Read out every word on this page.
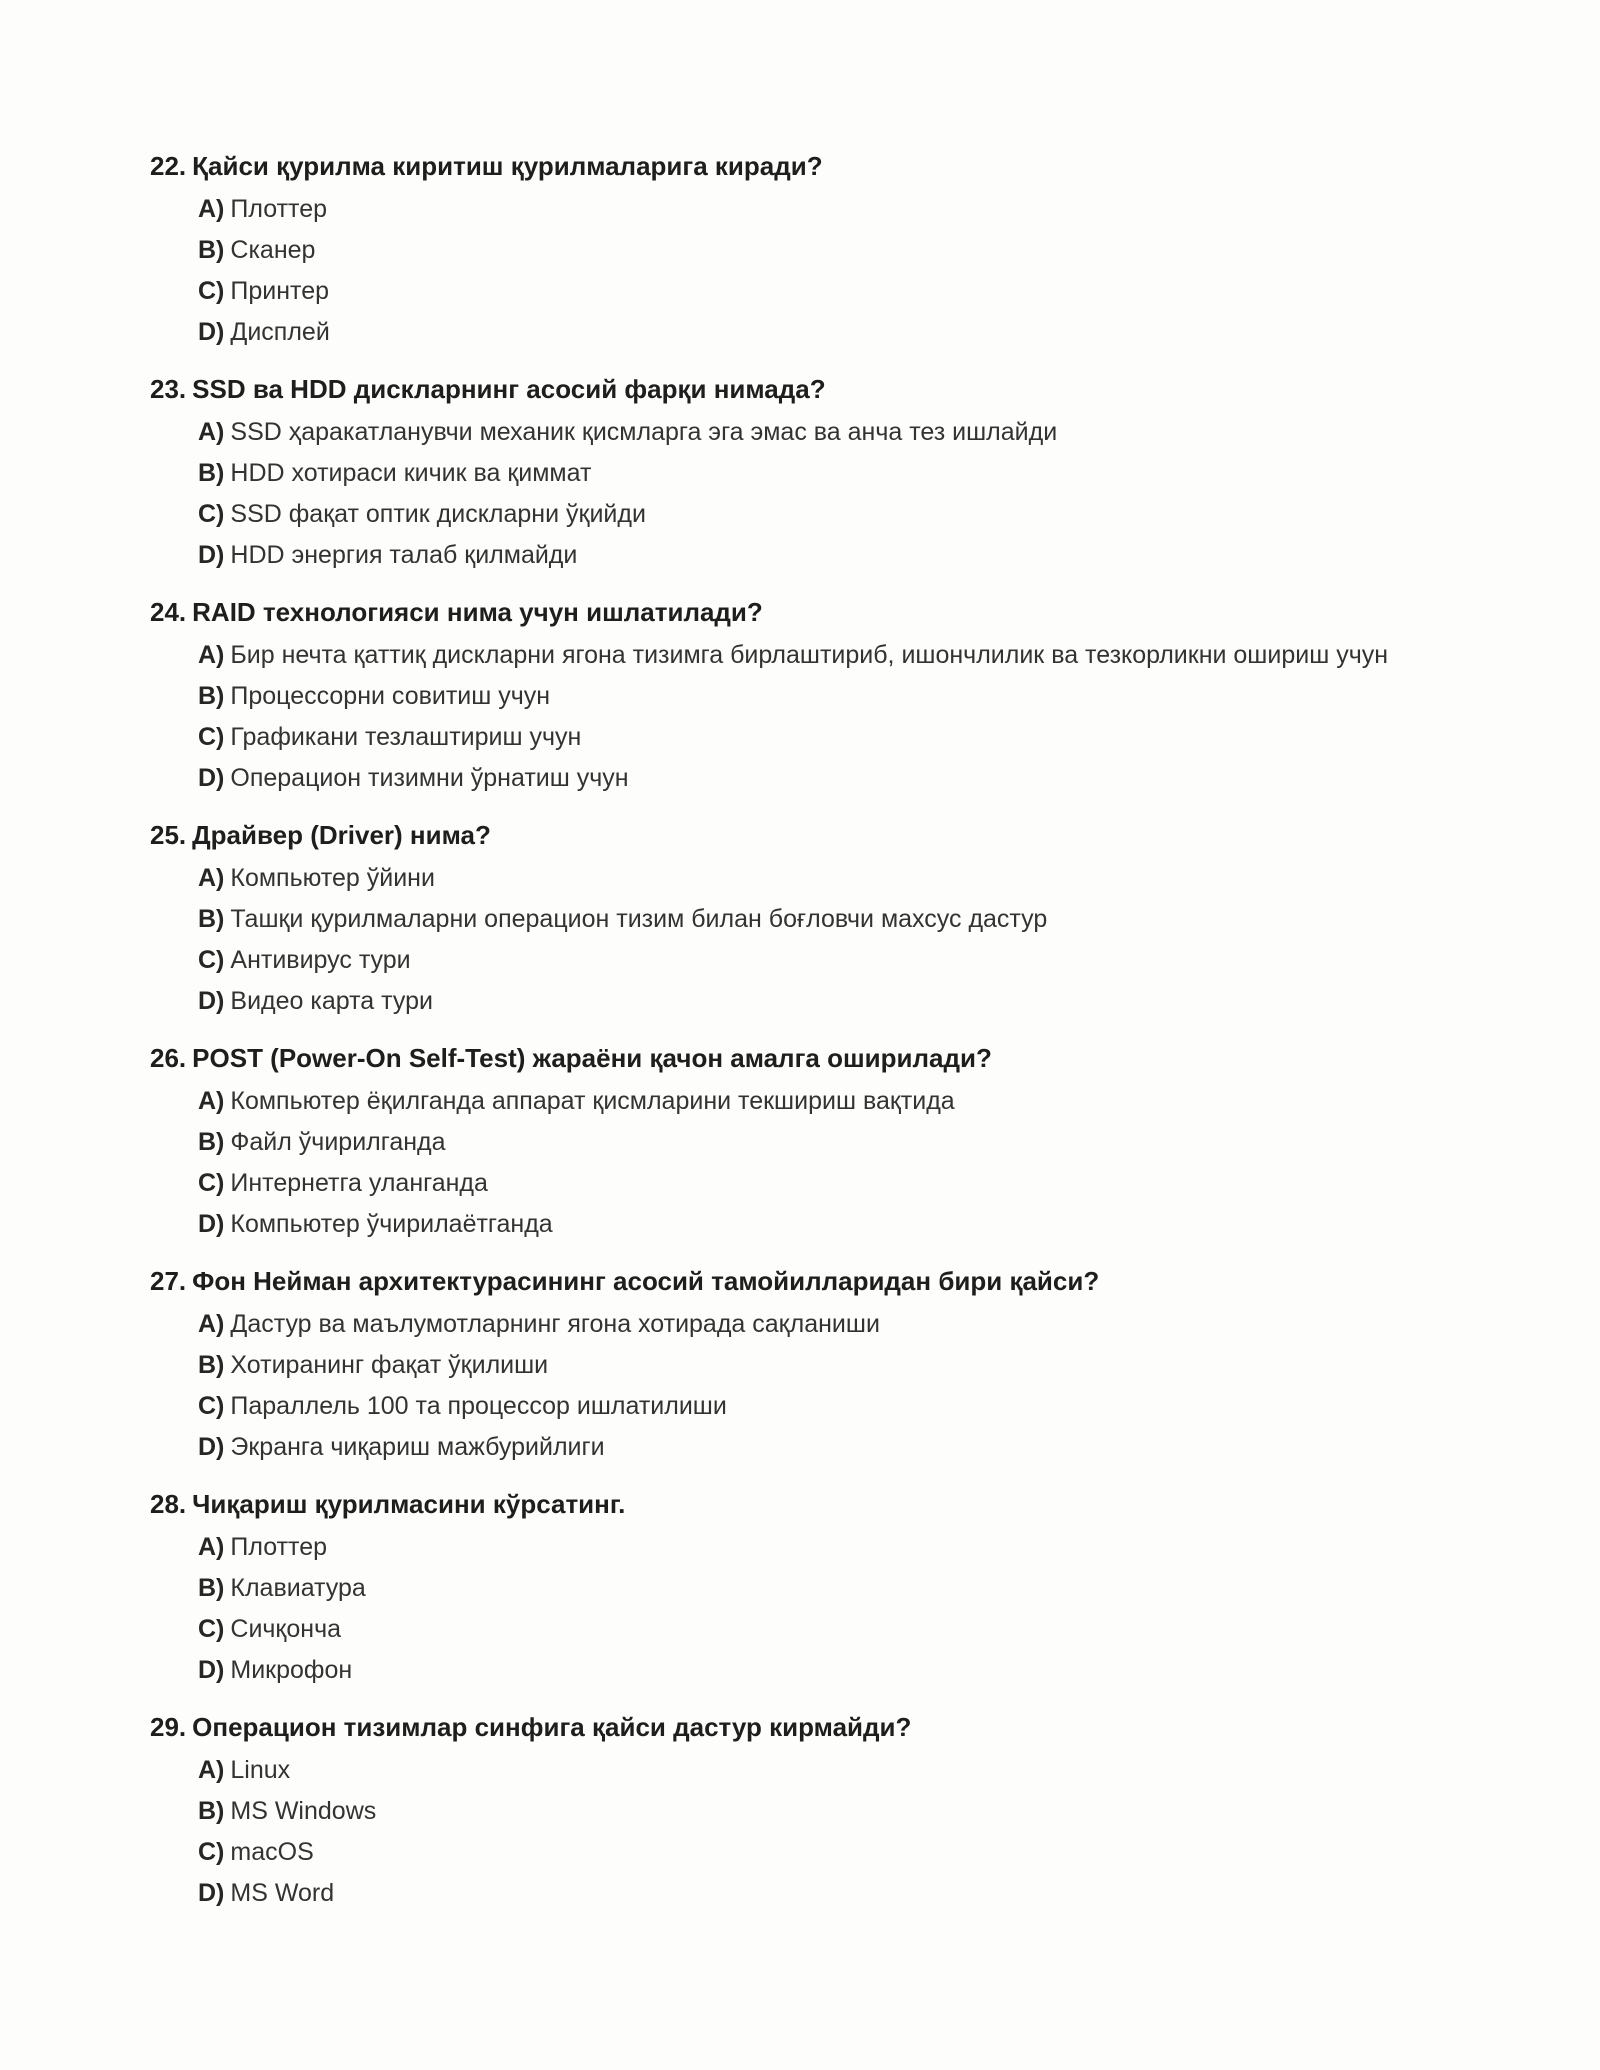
22. Қайси қурилма киритиш қурилмаларига киради?
A) Плоттер
B) Сканер
C) Принтер
D) Дисплей
23. SSD ва HDD дискларнинг асосий фарқи нимада?
A) SSD ҳаракатланувчи механик қисмларга эга эмас ва анча тез ишлайди
B) HDD хотираси кичик ва қиммат
C) SSD фақат оптик дискларни ўқийди
D) HDD энергия талаб қилмайди
24. RAID технологияси нима учун ишлатилади?
A) Бир нечта қаттиқ дискларни ягона тизимга бирлаштириб, ишончлилик ва тезкорликни ошириш учун
B) Процессорни совитиш учун
C) Графикани тезлаштириш учун
D) Операцион тизимни ўрнатиш учун
25. Драйвер (Driver) нима?
A) Компьютер ўйини
B) Ташқи қурилмаларни операцион тизим билан боғловчи махсус дастур
C) Антивирус тури
D) Видео карта тури
26. POST (Power-On Self-Test) жараёни қачон амалга оширилади?
A) Компьютер ёқилганда аппарат қисмларини текшириш вақтида
B) Файл ўчирилганда
C) Интернетга уланганда
D) Компьютер ўчирилаётганда
27. Фон Нейман архитектурасининг асосий тамойилларидан бири қайси?
A) Дастур ва маълумотларнинг ягона хотирада сақланиши
B) Хотиранинг фақат ўқилиши
C) Параллель 100 та процессор ишлатилиши
D) Экранга чиқариш мажбурийлиги
28. Чиқариш қурилмасини кўрсатинг.
A) Плоттер
B) Клавиатура
C) Сичқонча
D) Микрофон
29. Операцион тизимлар синфига қайси дастур кирмайди?
A) Linux
B) MS Windows
C) macOS
D) MS Word
